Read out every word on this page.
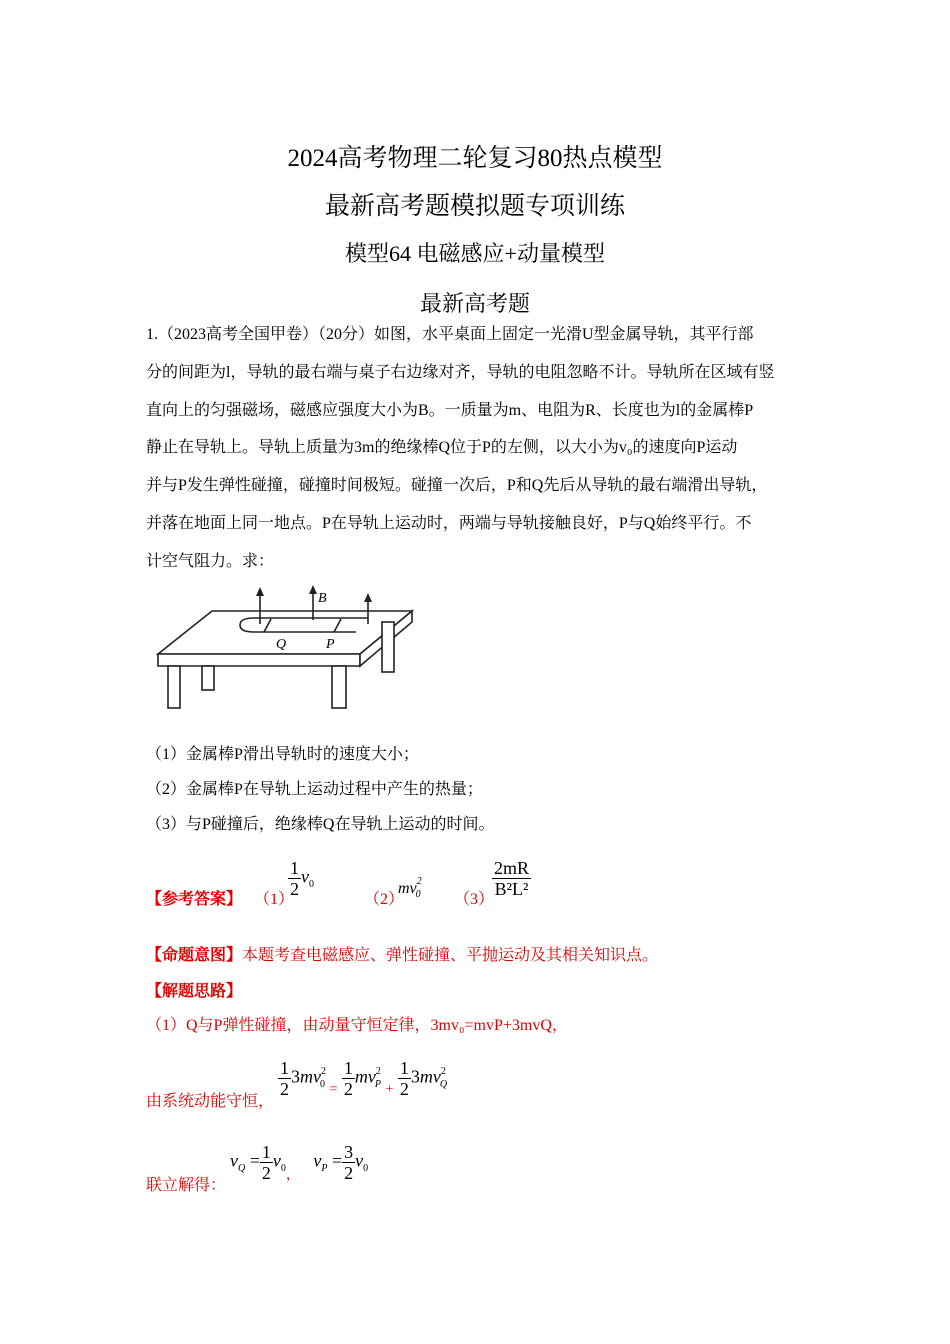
2024高考物理二轮复习80热点模型
最新高考题模拟题专项训练
模型64 电磁感应+动量模型
最新高考题
1.（2023高考全国甲卷）（20分）如图，水平桌面上固定一光滑U型金属导轨，其平行部
分的间距为l，导轨的最右端与桌子右边缘对齐，导轨的电阻忽略不计。导轨所在区域有竖
直向上的匀强磁场，磁感应强度大小为B。一质量为m、电阻为R、长度也为l的金属棒P
静止在导轨上。导轨上质量为3m的绝缘棒Q位于P的左侧，以大小为v₀的速度向P运动
并与P发生弹性碰撞，碰撞时间极短。碰撞一次后，P和Q先后从导轨的最右端滑出导轨，
并落在地面上同一地点。P在导轨上运动时，两端与导轨接触良好，P与Q始终平行。不
计空气阻力。求：
B
Q	P
（1）金属棒P滑出导轨时的速度大小；
（2）金属棒P在导轨上运动过程中产生的热量；
（3）与P碰撞后，绝缘棒Q在导轨上运动的时间。
【参考答案】 （1）
$\frac{1}{2} v_0$
（2）
$mv^2_0$ （3）
$\frac{2mR}{\text{B²L²}}$
【命题意图】本题考查电磁感应、弹性碰撞、平抛运动及其相关知识点。
【解题思路】
（1）Q与P弹性碰撞，由动量守恒定律，3mv₀=mvP+3mvQ，
由系统动能守恒，
$\frac{1}{2} 3mv^2_0$ $_= \frac{1}{2} mv^2_P$ $_+ \frac{1}{2} 3mv^2_Q$
联立解得：
$v_Q = \frac{1}{2} v_{0,}$   $v_P = \frac{3}{2} v_0$
